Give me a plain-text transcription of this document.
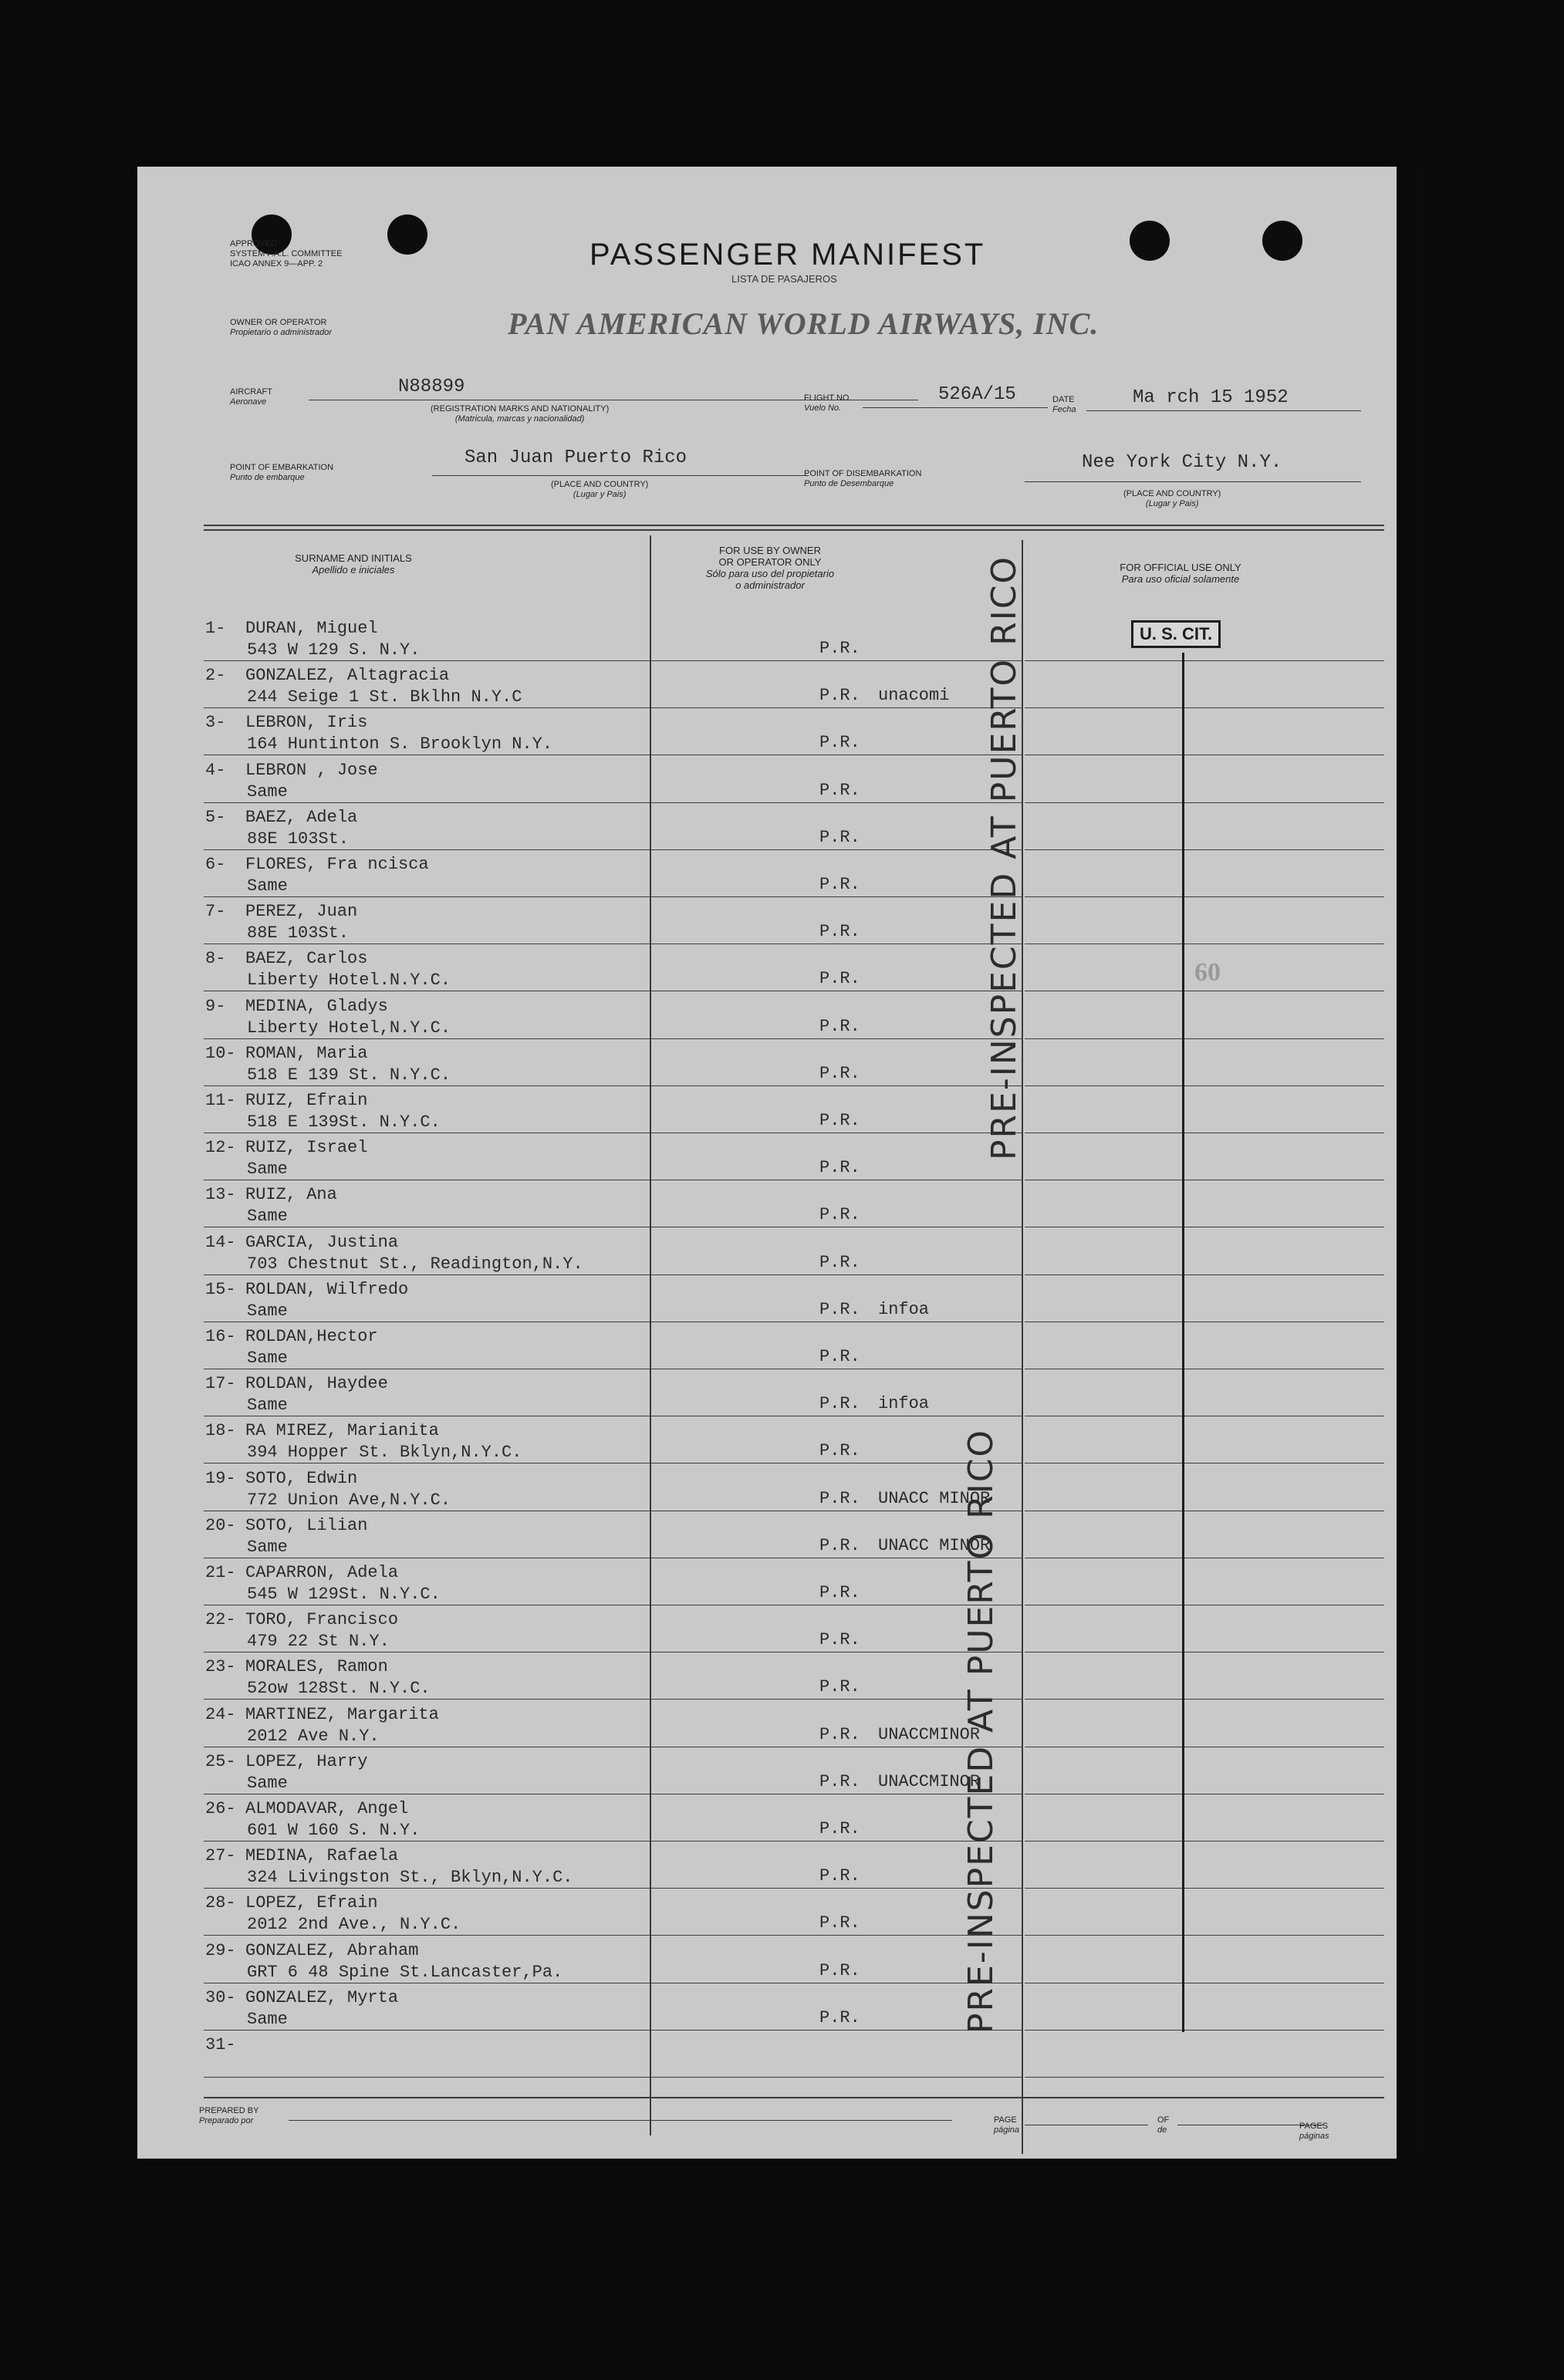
APPROVED
SYSTEM F.A.L. COMMITTEE
ICAO ANNEX 9—APP. 2	PASSENGER MANIFEST
LISTA DE PASAJEROS
OWNER OR OPERATOR
Propietario o administrador	PAN AMERICAN WORLD AIRWAYS, INC.
AIRCRAFT
Aeronave
N88899
(REGISTRATION MARKS AND NATIONALITY)
(Matricula, marcas y nacionalidad)
FLIGHT NO.
Vuelo No.
526A/15	DATE
Fecha
Ma rch 15 1952
POINT OF EMBARKATION
Punto de embarque
San Juan Puerto Rico
(PLACE AND COUNTRY)
(Lugar y Pais)
POINT OF DISEMBARKATION
Punto de Desembarque
Nee York City N.Y.
(PLACE AND COUNTRY)
(Lugar y Pais)
SURNAME AND INITIALS
Apellido e iniciales
FOR USE BY OWNER
OR OPERATOR ONLY
Sólo para uso del propietario
o administrador
FOR OFFICIAL USE ONLY
Para uso oficial solamente
1- DURAN, Miguel
543 W 129 S. N.Y.	P.R.
2- GONZALEZ, Altagracia
244 Seige 1 St. Bklhn N.Y.C	P.R. unacomi
3- LEBRON, Iris
164 Huntinton S. Brooklyn N.Y.	P.R.
4- LEBRON , Jose
Same	P.R.
5- BAEZ, Adela
88E 103St.	P.R.
6- FLORES, Fra ncisca
Same	P.R.
7- PEREZ, Juan
88E 103St.	P.R.
8- BAEZ, Carlos
Liberty Hotel.N.Y.C.	P.R.
9- MEDINA, Gladys
Liberty Hotel,N.Y.C.	P.R.
10- ROMAN, Maria
518 E 139 St. N.Y.C.	P.R.
11- RUIZ, Efrain
518 E 139St. N.Y.C.	P.R.
12- RUIZ, Israel
Same	P.R.
13- RUIZ, Ana
Same	P.R.
14- GARCIA, Justina
703 Chestnut St., Readington,N.Y.	P.R.
15- ROLDAN, Wilfredo
Same	P.R. infoa
16- ROLDAN,Hector
Same	P.R.
17- ROLDAN, Haydee
Same	P.R. infoa
18- RA MIREZ, Marianita
394 Hopper St. Bklyn,N.Y.C.	P.R.
19- SOTO, Edwin
772 Union Ave,N.Y.C.	P.R. UNACC MINOR
20- SOTO, Lilian
Same	P.R. UNACC MINOR
21- CAPARRON, Adela
545 W 129St. N.Y.C.	P.R.
22- TORO, Francisco
479 22 St N.Y.	P.R.
23- MORALES, Ramon
52ow 128St. N.Y.C.	P.R.
24- MARTINEZ, Margarita
2012 Ave N.Y.	P.R. UNACCMINOR
25- LOPEZ, Harry
Same	P.R. UNACCMINOR
26- ALMODAVAR, Angel
601 W 160 S. N.Y.	P.R.
27- MEDINA, Rafaela
324 Livingston St., Bklyn,N.Y.C.	P.R.
28- LOPEZ, Efrain
2012 2nd Ave., N.Y.C.	P.R.
29- GONZALEZ, Abraham
GRT 6 48 Spine St.Lancaster,Pa.	P.R.
30- GONZALEZ, Myrta
Same	P.R.
31-
PRE-INSPECTED AT PUERTO RICO
PRE-INSPECTED AT PUERTO RICO
U. S. CIT.
60
PREPARED BY
Preparado por	PAGE
página
OF
de	PAGES
páginas
